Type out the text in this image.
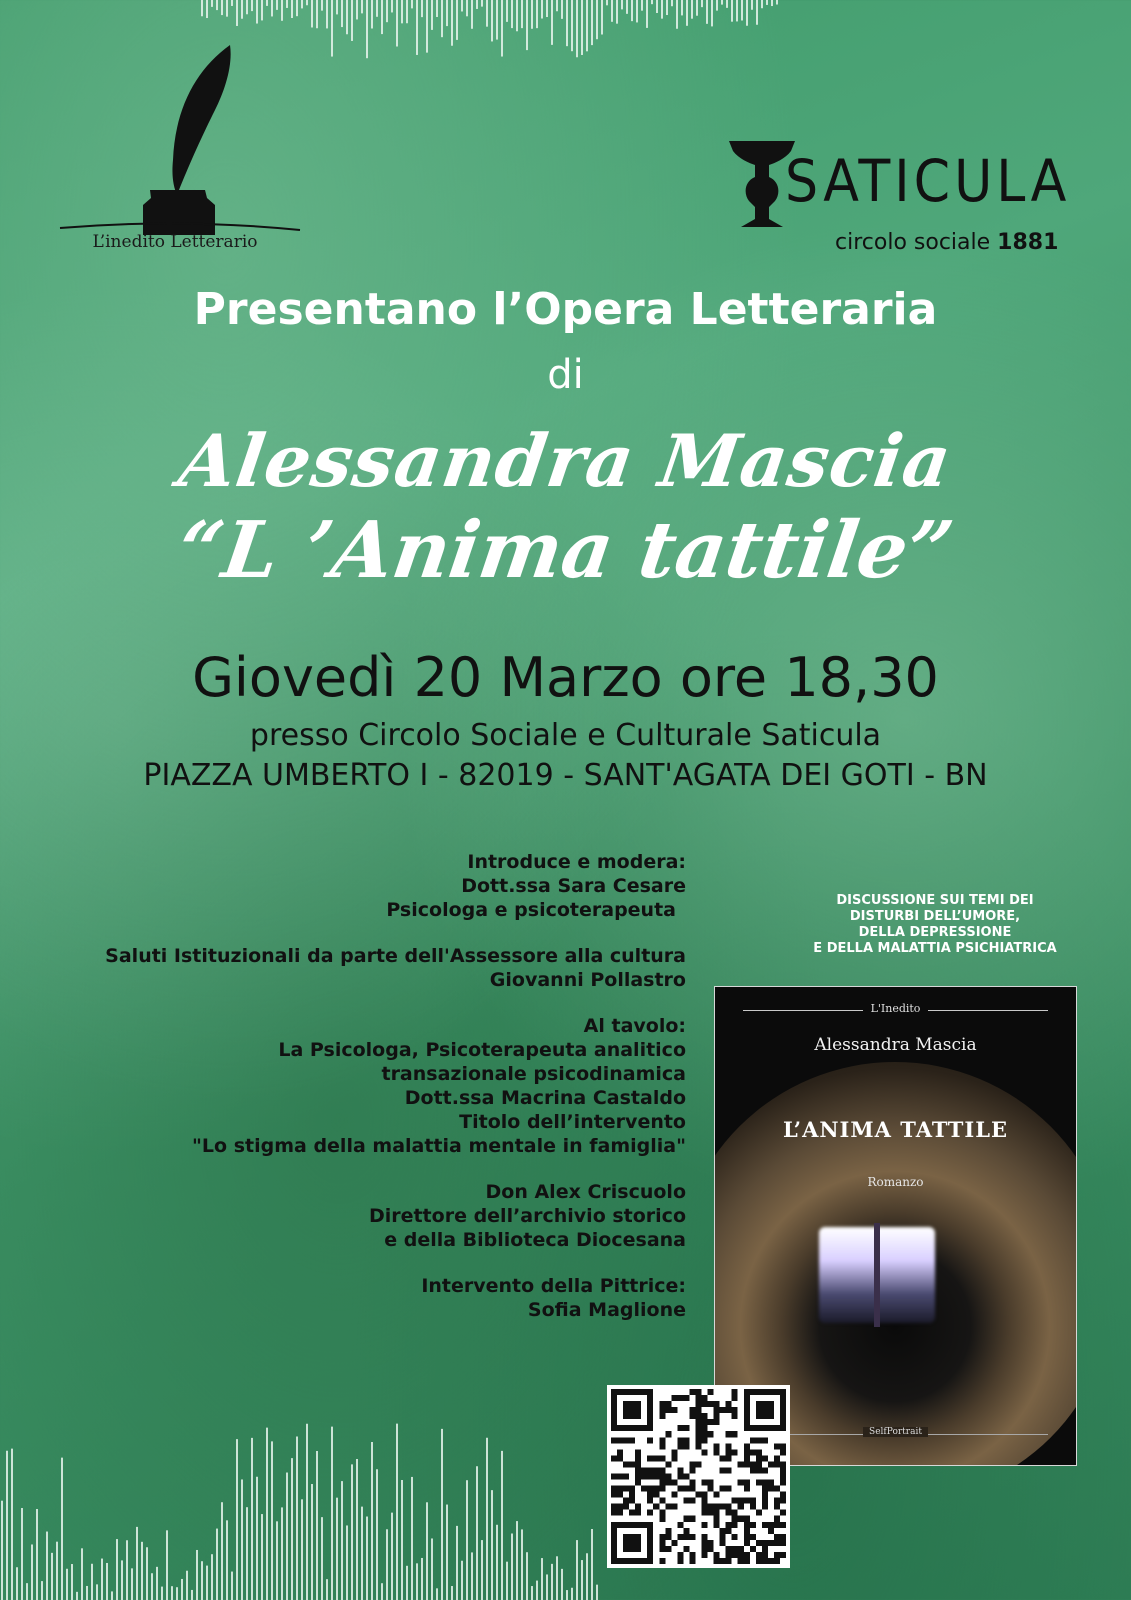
L’inedito Letterario
SATICULA
circolo sociale 1881
Presentano l’Opera Letteraria
di
Alessandra Mascia
“L ’Anima tattile”
Giovedì 20 Marzo ore 18,30
presso Circolo Sociale e Culturale Saticula
PIAZZA UMBERTO I - 82019 - SANT'AGATA DEI GOTI - BN
Introduce e modera:
Dott.ssa Sara Cesare
Psicologa e psicoterapeuta
Saluti Istituzionali da parte dell'Assessore alla cultura
Giovanni Pollastro
Al tavolo:
La Psicologa, Psicoterapeuta analitico
transazionale psicodinamica
Dott.ssa Macrina Castaldo
Titolo dell’intervento
"Lo stigma della malattia mentale in famiglia"
Don Alex Criscuolo
Direttore dell’archivio storico
e della Biblioteca Diocesana
Intervento della Pittrice:
Sofia Maglione
DISCUSSIONE SUI TEMI DEI
DISTURBI DELL’UMORE,
DELLA DEPRESSIONE
E DELLA MALATTIA PSICHIATRICA
L'Inedito
Alessandra Mascia
L’ANIMA TATTILE
Romanzo
SelfPortrait
